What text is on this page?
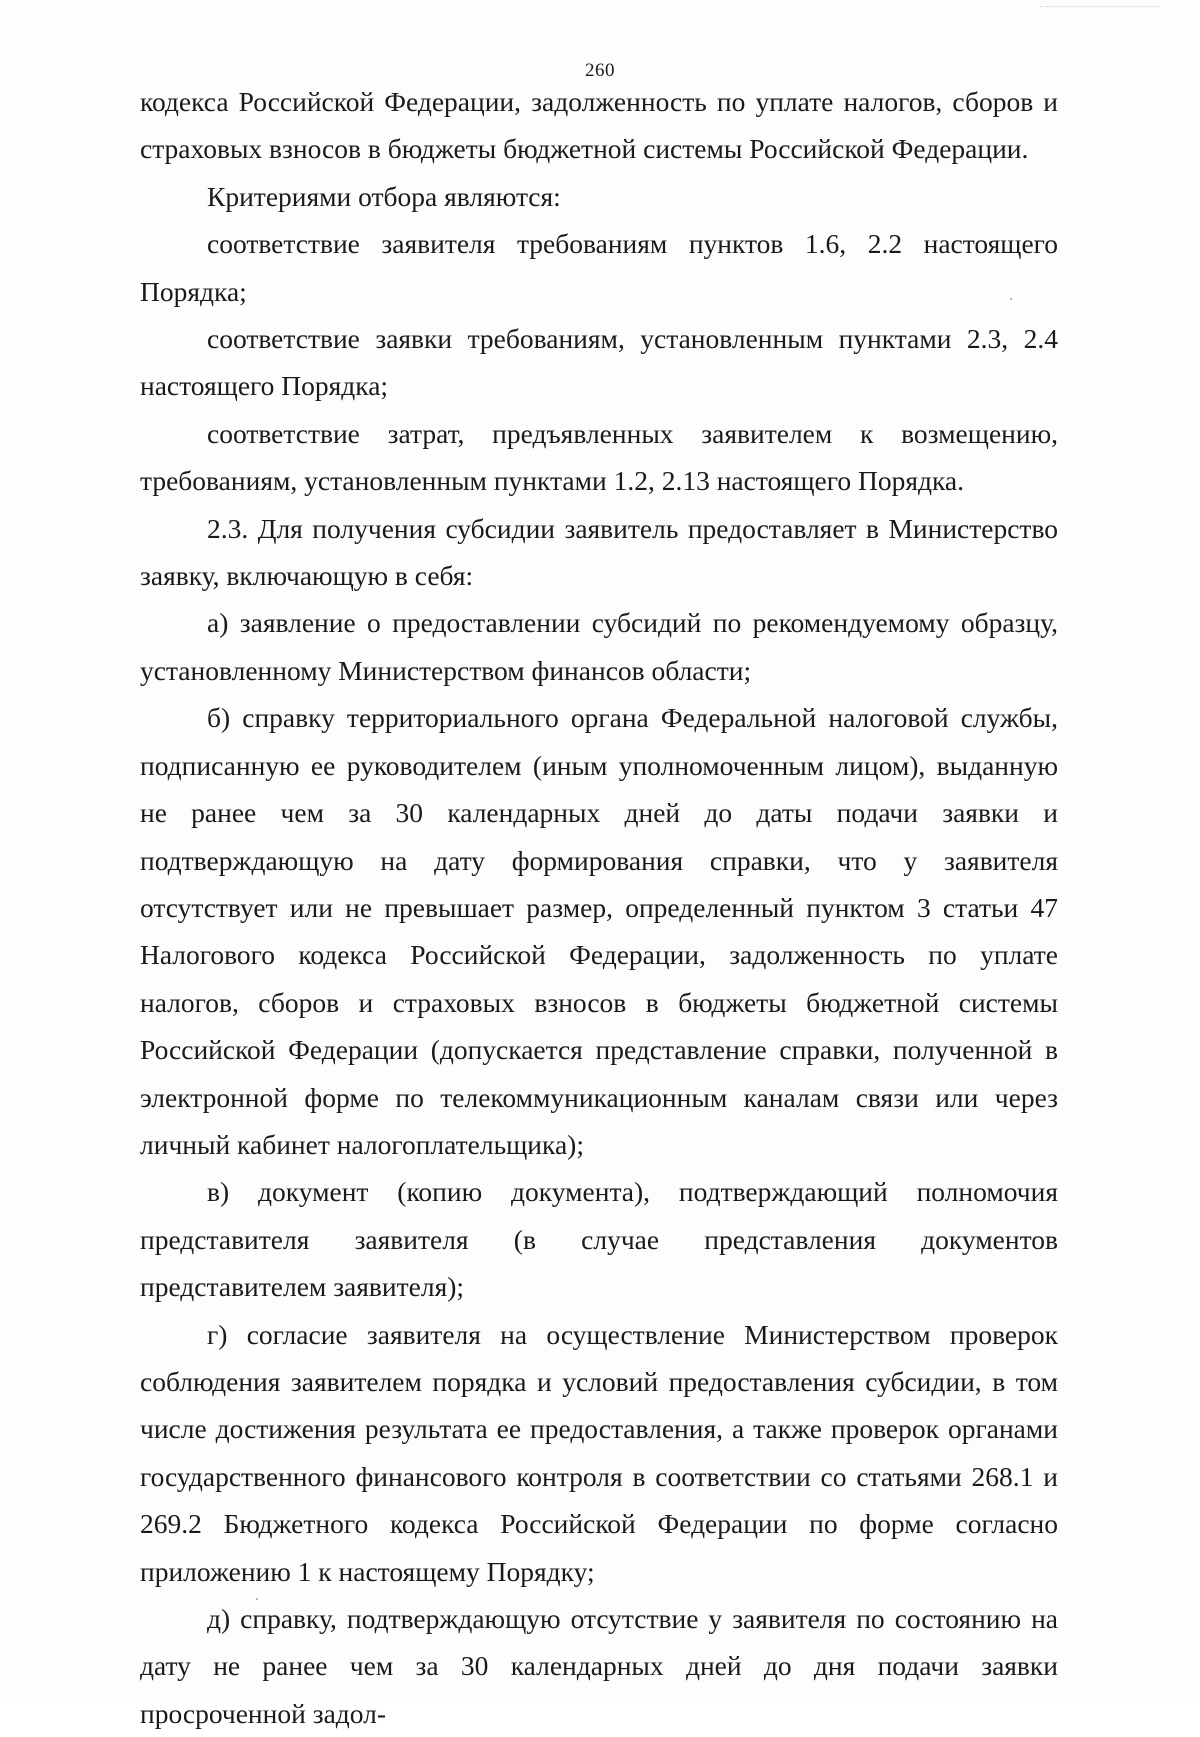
260

кодекса Российской Федерации, задолженность по уплате налогов, сборов и страховых взносов в бюджеты бюджетной системы Российской Федерации.

Критериями отбора являются:

соответствие заявителя требованиям пунктов 1.6, 2.2 настоящего Порядка;

соответствие заявки требованиям, установленным пунктами 2.3, 2.4 настоящего Порядка;

соответствие затрат, предъявленных заявителем к возмещению, требованиям, установленным пунктами 1.2, 2.13 настоящего Порядка.

2.3. Для получения субсидии заявитель предоставляет в Министерство заявку, включающую в себя:

а) заявление о предоставлении субсидий по рекомендуемому образцу, установленному Министерством финансов области;

б) справку территориального органа Федеральной налоговой службы, подписанную ее руководителем (иным уполномоченным лицом), выданную не ранее чем за 30 календарных дней до даты подачи заявки и подтверждающую на дату формирования справки, что у заявителя отсутствует или не превышает размер, определенный пунктом 3 статьи 47 Налогового кодекса Российской Федерации, задолженность по уплате налогов, сборов и страховых взносов в бюджеты бюджетной системы Российской Федерации (допускается представление справки, полученной в электронной форме по телекоммуникационным каналам связи или через личный кабинет налогоплательщика);

в) документ (копию документа), подтверждающий полномочия представителя заявителя (в случае представления документов представителем заявителя);

г) согласие заявителя на осуществление Министерством проверок соблюдения заявителем порядка и условий предоставления субсидии, в том числе достижения результата ее предоставления, а также проверок органами государственного финансового контроля в соответствии со статьями 268.1 и 269.2 Бюджетного кодекса Российской Федерации по форме согласно приложению 1 к настоящему Порядку;

д) справку, подтверждающую отсутствие у заявителя по состоянию на дату не ранее чем за 30 календарных дней до дня подачи заявки просроченной задол-
